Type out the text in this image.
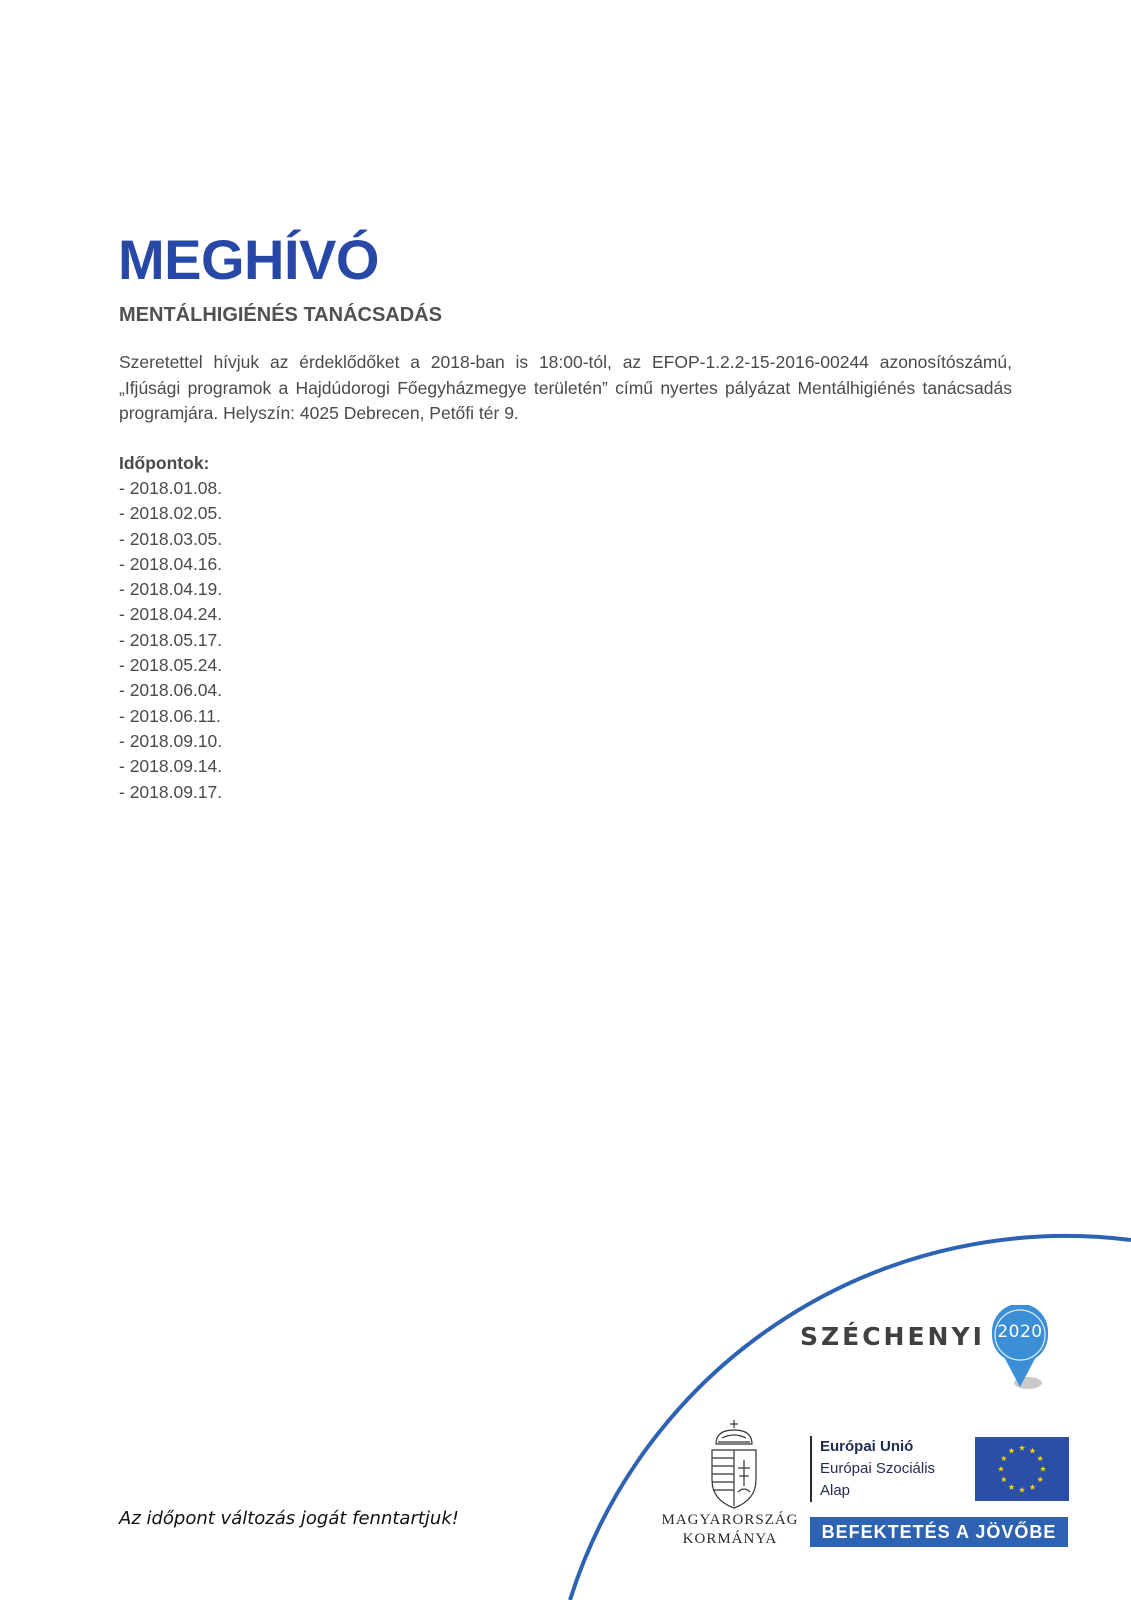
MEGHÍVÓ
MENTÁLHIGIÉNÉS TANÁCSADÁS

Szeretettel hívjuk az érdeklődőket a 2018-ban is 18:00-tól, az EFOP-1.2.2-15-2016-00244 azonosítószámú, „Ifjúsági programok a Hajdúdorogi Főegyházmegye területén” című nyertes pályázat Mentálhigiénés tanácsadás programjára. Helyszín: 4025 Debrecen, Petőfi tér 9.

Időpontok:
- 2018.01.08.
- 2018.02.05.
- 2018.03.05.
- 2018.04.16.
- 2018.04.19.
- 2018.04.24.
- 2018.05.17.
- 2018.05.24.
- 2018.06.04.
- 2018.06.11.
- 2018.09.10.
- 2018.09.14.
- 2018.09.17.
Az időpont változás jogát fenntartjuk!
SZÉCHENYI 2020
MAGYARORSZÁG
KORMÁNYA
Európai Unió
Európai Szociális
Alap
BEFEKTETÉS A JÖVŐBE
